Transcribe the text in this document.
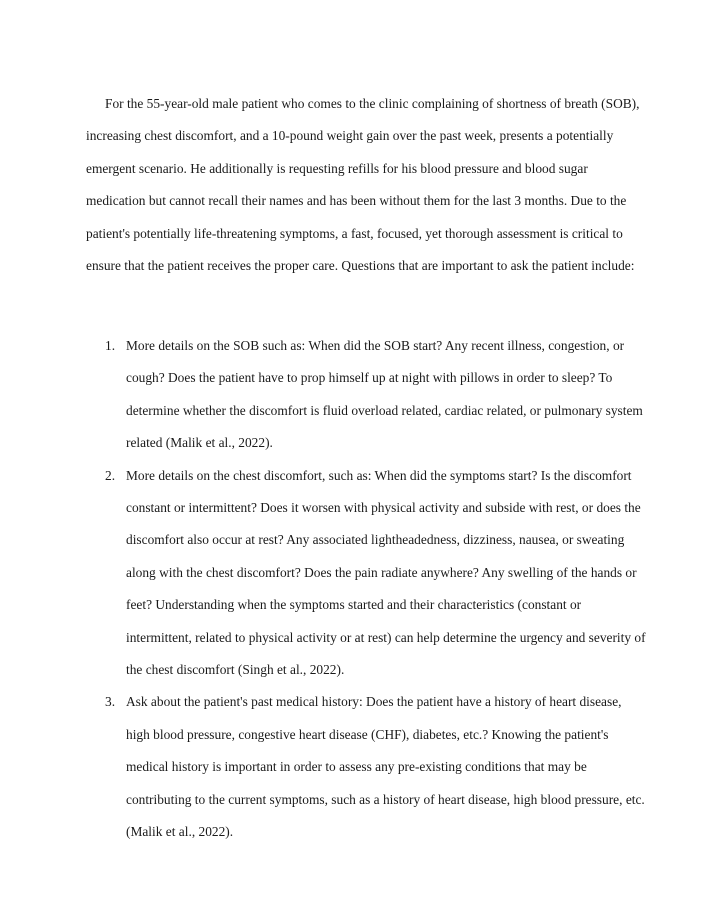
For the 55-year-old male patient who comes to the clinic complaining of shortness of breath (SOB), increasing chest discomfort, and a 10-pound weight gain over the past week, presents a potentially emergent scenario. He additionally is requesting refills for his blood pressure and blood sugar medication but cannot recall their names and has been without them for the last 3 months. Due to the patient's potentially life-threatening symptoms, a fast, focused, yet thorough assessment is critical to ensure that the patient receives the proper care. Questions that are important to ask the patient include:

1. More details on the SOB such as: When did the SOB start? Any recent illness, congestion, or cough? Does the patient have to prop himself up at night with pillows in order to sleep? To determine whether the discomfort is fluid overload related, cardiac related, or pulmonary system related (Malik et al., 2022).
2. More details on the chest discomfort, such as: When did the symptoms start? Is the discomfort constant or intermittent? Does it worsen with physical activity and subside with rest, or does the discomfort also occur at rest? Any associated lightheadedness, dizziness, nausea, or sweating along with the chest discomfort? Does the pain radiate anywhere? Any swelling of the hands or feet? Understanding when the symptoms started and their characteristics (constant or intermittent, related to physical activity or at rest) can help determine the urgency and severity of the chest discomfort (Singh et al., 2022).
3. Ask about the patient's past medical history: Does the patient have a history of heart disease, high blood pressure, congestive heart disease (CHF), diabetes, etc.? Knowing the patient's medical history is important in order to assess any pre-existing conditions that may be contributing to the current symptoms, such as a history of heart disease, high blood pressure, etc. (Malik et al., 2022).
